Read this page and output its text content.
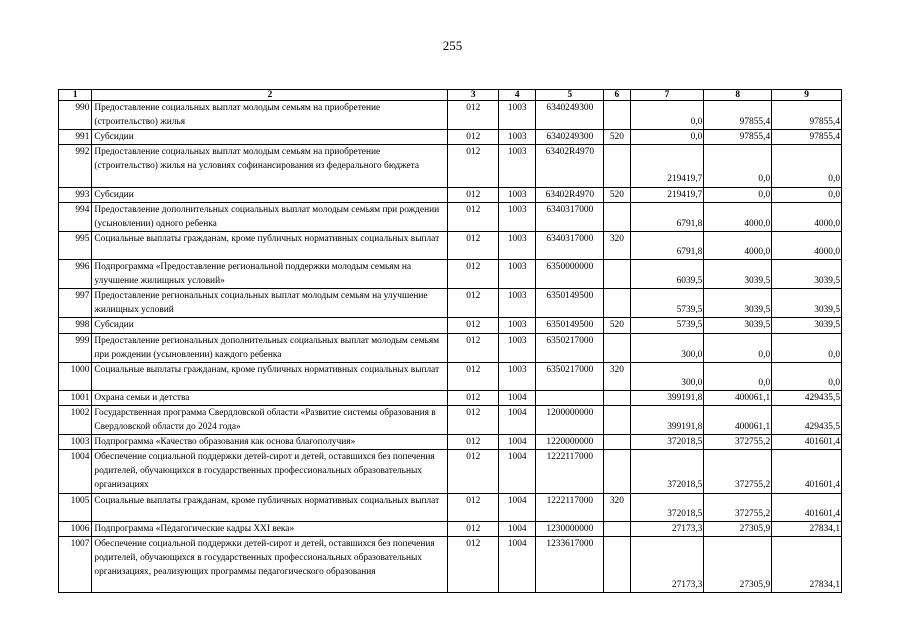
255
1	2	3	4	5	6	7	8	9
990	Предоставление социальных выплат молодым семьям на приобретение (строительство) жилья	012	1003	6340249300		0,0	97855,4	97855,4
991	Субсидии	012	1003	6340249300	520	0,0	97855,4	97855,4
992	Предоставление социальных выплат молодым семьям на приобретение (строительство) жилья на условиях софинансирования из федерального бюджета	012	1003	63402R4970		219419,7	0,0	0,0
993	Субсидии	012	1003	63402R4970	520	219419,7	0,0	0,0
994	Предоставление дополнительных социальных выплат молодым семьям при рождении (усыновлении) одного ребенка	012	1003	6340317000		6791,8	4000,0	4000,0
995	Социальные выплаты гражданам, кроме публичных нормативных социальных выплат	012	1003	6340317000	320	6791,8	4000,0	4000,0
996	Подпрограмма «Предоставление региональной поддержки молодым семьям на улучшение жилищных условий»	012	1003	6350000000		6039,5	3039,5	3039,5
997	Предоставление региональных социальных выплат молодым семьям на улучшение жилищных условий	012	1003	6350149500		5739,5	3039,5	3039,5
998	Субсидии	012	1003	6350149500	520	5739,5	3039,5	3039,5
999	Предоставление региональных дополнительных социальных выплат молодым семьям при рождении (усыновлении) каждого ребенка	012	1003	6350217000		300,0	0,0	0,0
1000	Социальные выплаты гражданам, кроме публичных нормативных социальных выплат	012	1003	6350217000	320	300,0	0,0	0,0
1001	Охрана семьи и детства	012	1004			399191,8	400061,1	429435,5
1002	Государственная программа Свердловской области «Развитие системы образования в Свердловской области до 2024 года»	012	1004	1200000000		399191,8	400061,1	429435,5
1003	Подпрограмма «Качество образования как основа благополучия»	012	1004	1220000000		372018,5	372755,2	401601,4
1004	Обеспечение социальной поддержки детей-сирот и детей, оставшихся без попечения родителей, обучающихся в государственных профессиональных образовательных организациях	012	1004	1222117000		372018,5	372755,2	401601,4
1005	Социальные выплаты гражданам, кроме публичных нормативных социальных выплат	012	1004	1222117000	320	372018,5	372755,2	401601,4
1006	Подпрограмма «Педагогические кадры XXI века»	012	1004	1230000000		27173,3	27305,9	27834,1
1007	Обеспечение социальной поддержки детей-сирот и детей, оставшихся без попечения родителей, обучающихся в государственных профессиональных образовательных организациях, реализующих программы педагогического образования	012	1004	1233617000		27173,3	27305,9	27834,1
